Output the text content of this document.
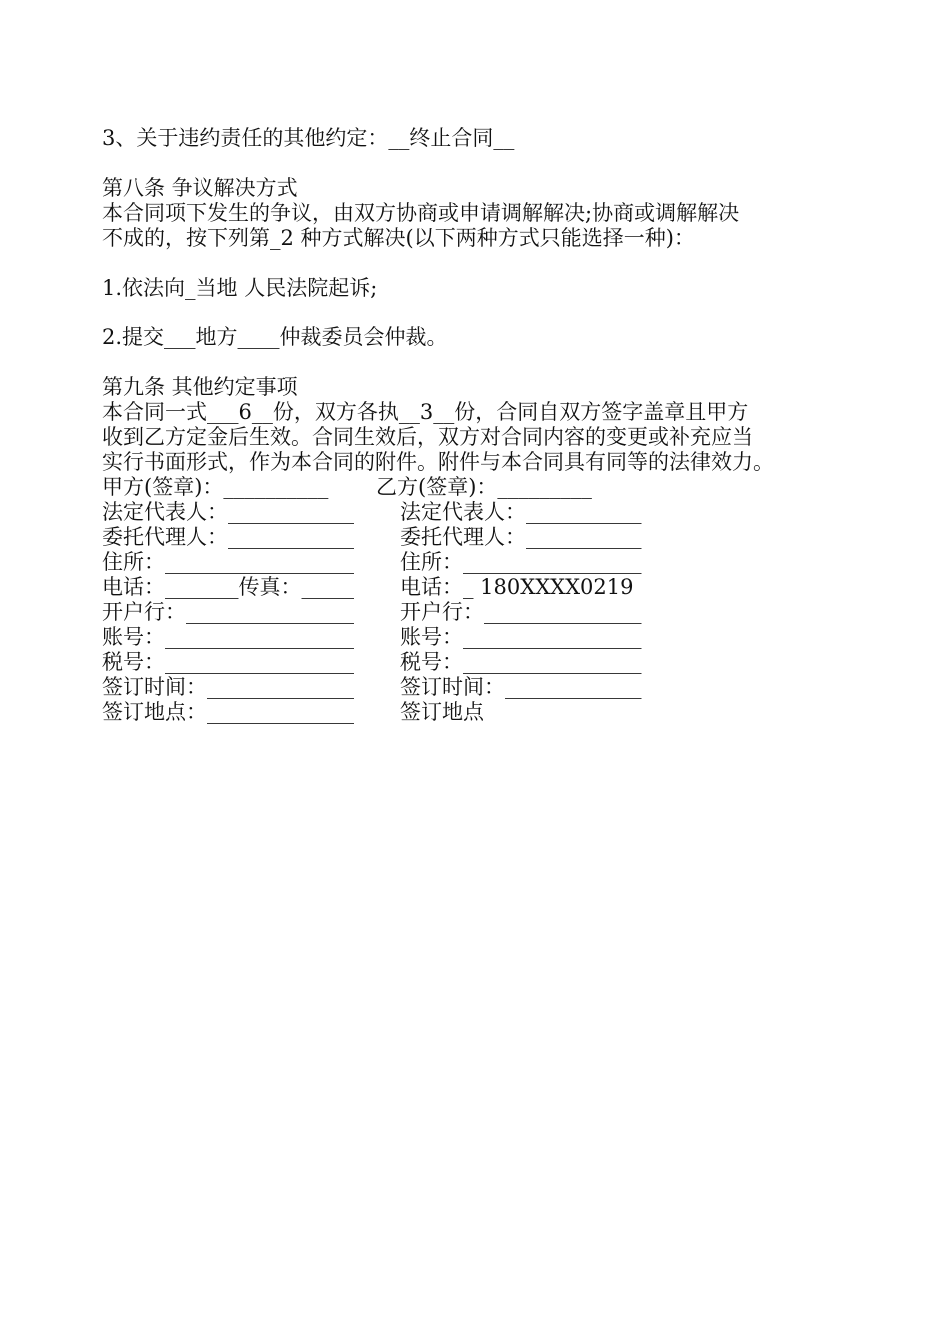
3、关于违约责任的其他约定：__终止合同__
第八条 争议解决方式
本合同项下发生的争议，由双方协商或申请调解解决;协商或调解解决
不成的，按下列第_2 种方式解决(以下两种方式只能选择一种)：
1.依法向_当地 人民法院起诉;
2.提交___地方____仲裁委员会仲裁。
第九条 其他约定事项
本合同一式___6__份，双方各执__3__份，合同自双方签字盖章且甲方
收到乙方定金后生效。合同生效后，双方对合同内容的变更或补充应当
实行书面形式，作为本合同的附件。附件与本合同具有同等的法律效力。
甲方(签章)：__________ 乙方(签章)：_________
法定代表人：____________ 法定代表人：___________
委托代理人：____________ 委托代理人：___________
住所：__________________ 住所：_________________
电话：_______传真：_____ 电话：_ 180XXXX0219
开户行：________________ 开户行：_______________
账号：__________________ 账号：_________________
税号：__________________ 税号：_________________
签订时间：______________ 签订时间：_____________
签订地点：______________ 签订地点
